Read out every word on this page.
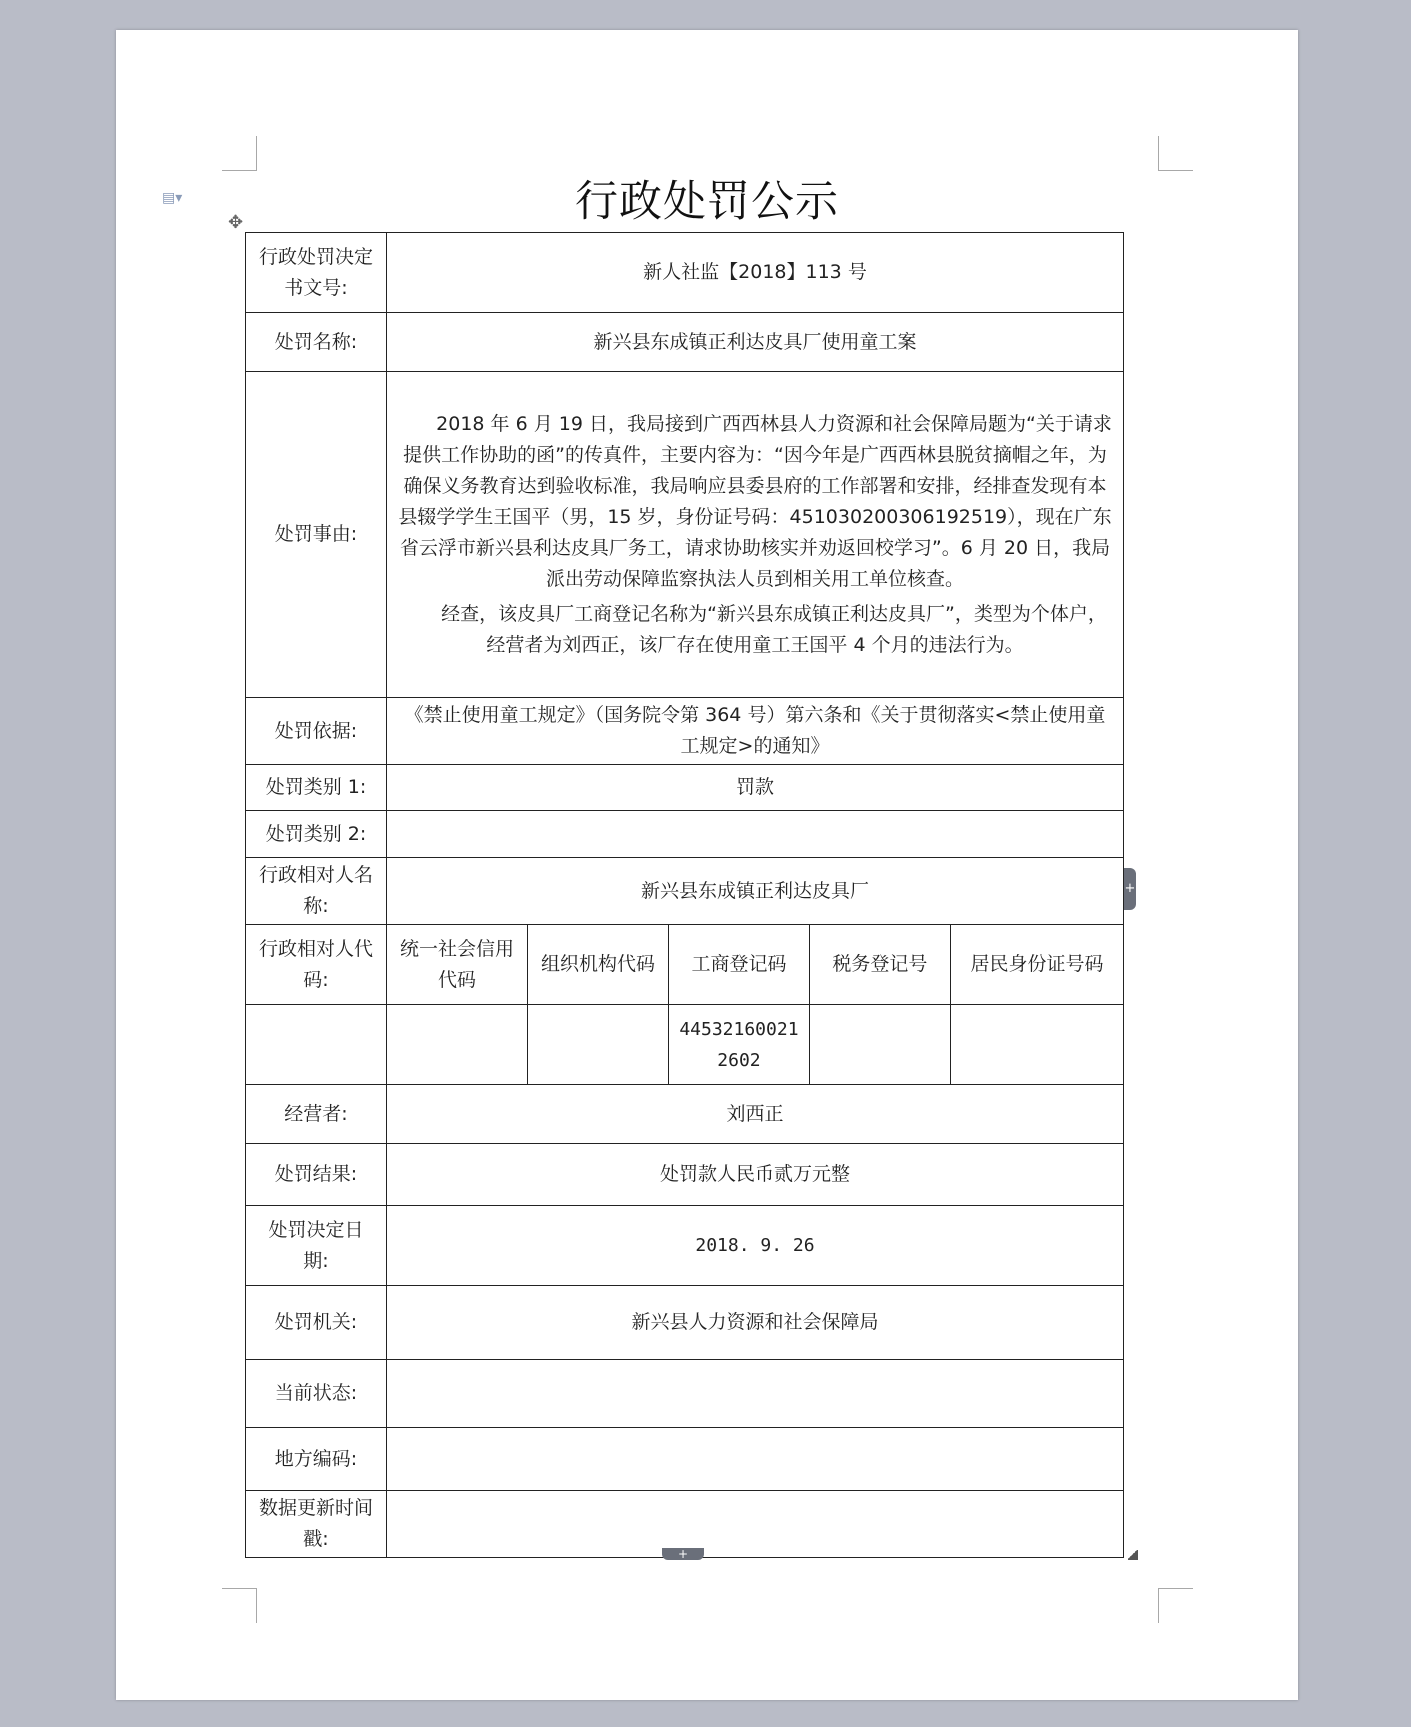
▤▾
✥	行政处罚公示
行政处罚决定书文号:	新人社监【2018】113 号				
处罚名称:	新兴县东成镇正利达皮具厂使用童工案				
处罚事由:	2018 年 6 月 19 日，我局接到广西西林县人力资源和社会保障局题为“关于请求提供工作协助的函”的传真件，主要内容为：“因今年是广西西林县脱贫摘帽之年，为确保义务教育达到验收标准，我局响应县委县府的工作部署和安排，经排查发现有本县辍学学生王国平（男，15 岁，身份证号码：451030200306192519），现在广东省云浮市新兴县利达皮具厂务工，请求协助核实并劝返回校学习”。6 月 20 日，我局派出劳动保障监察执法人员到相关用工单位核查。

经查，该皮具厂工商登记名称为“新兴县东成镇正利达皮具厂”，类型为个体户，经营者为刘西正，该厂存在使用童工王国平 4 个月的违法行为。				

处罚依据:	《禁止使用童工规定》（国务院令第 364 号）第六条和《关于贯彻落实<禁止使用童工规定>的通知》				
处罚类别 1:	罚款				
处罚类别 2:					
行政相对人名称:	新兴县东成镇正利达皮具厂				
行政相对人代码:	统一社会信用代码	组织机构代码	工商登记码	税务登记号	居民身份证号码
			445321600212602		
经营者:	刘西正				
处罚结果:	处罚款人民币贰万元整				
处罚决定日期:	2018. 9. 26				
处罚机关:	新兴县人力资源和社会保障局				
当前状态:					
地方编码:					
数据更新时间戳:					
+
+
